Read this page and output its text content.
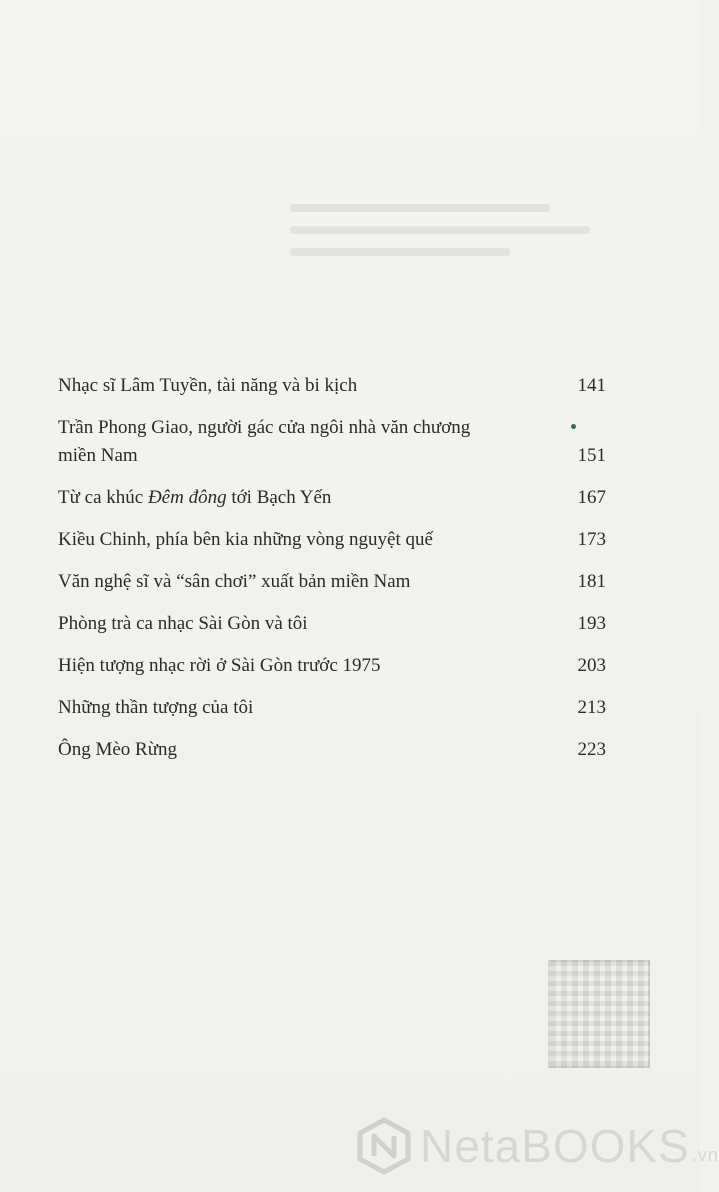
Nhạc sĩ Lâm Tuyền, tài năng và bi kịch	141
Trần Phong Giao, người gác cửa ngôi nhà văn chương miền Nam	151
Từ ca khúc Đêm đông tới Bạch Yến	167
Kiều Chinh, phía bên kia những vòng nguyệt quế	173
Văn nghệ sĩ và “sân chơi” xuất bản miền Nam	181
Phòng trà ca nhạc Sài Gòn và tôi	193
Hiện tượng nhạc rời ở Sài Gòn trước 1975	203
Những thần tượng của tôi	213
Ông Mèo Rừng	223
NetaBOOKS .vn
